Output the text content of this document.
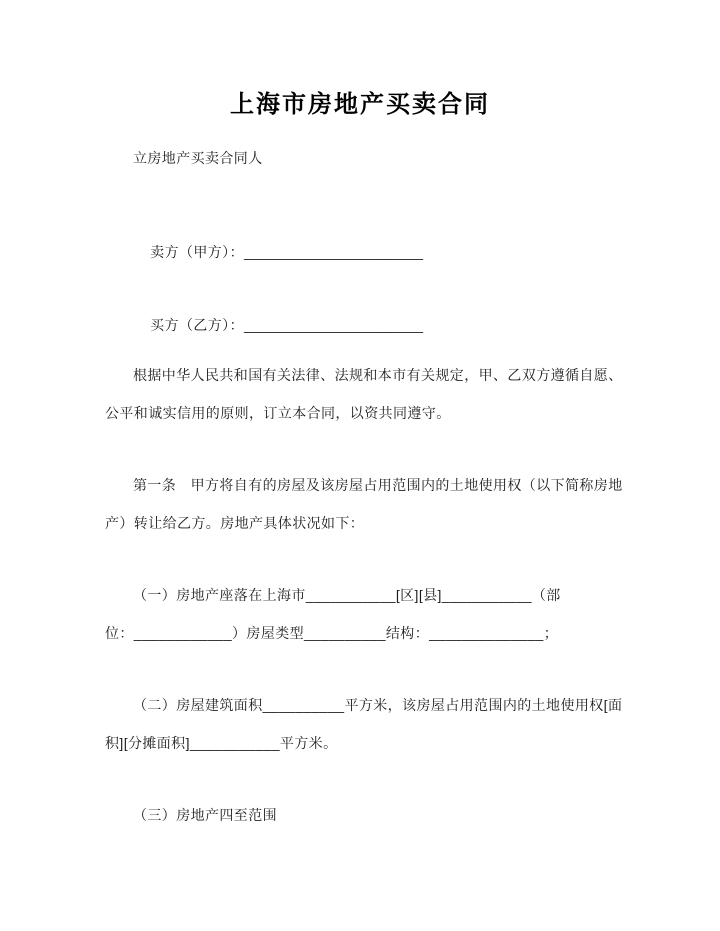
上海市房地产买卖合同
立房地产买卖合同人

卖方（甲方）：_______________________

买方（乙方）：_______________________

根据中华人民共和国有关法律、法规和本市有关规定，甲、乙双方遵循自愿、
公平和诚实信用的原则，订立本合同，以资共同遵守。
第一条　甲方将自有的房屋及该房屋占用范围内的土地使用权（以下简称房地
产）转让给乙方。房地产具体状况如下：
（一）房地产座落在上海市___________[区][县]___________（部
位：____________）房屋类型__________结构：______________；
（二）房屋建筑面积__________平方米，该房屋占用范围内的土地使用权[面
积][分摊面积]___________平方米。
（三）房地产四至范围
